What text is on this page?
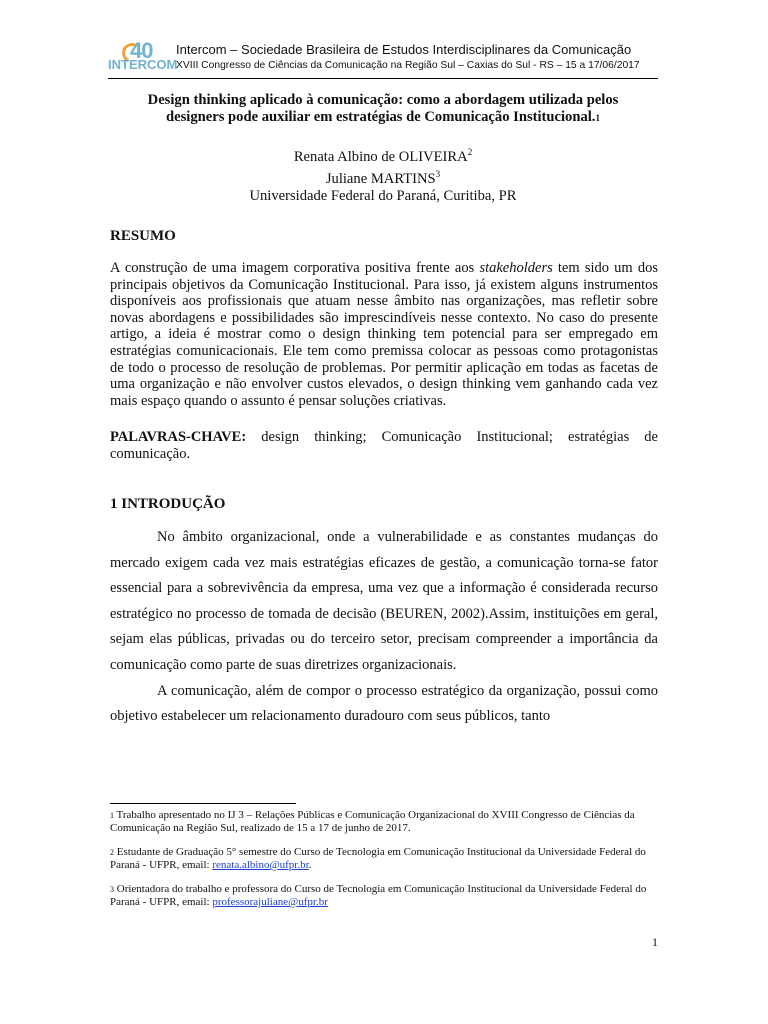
40
INTERCOM
Intercom – Sociedade Brasileira de Estudos Interdisciplinares da Comunicação
XVIII Congresso de Ciências da Comunicação na Região Sul – Caxias do Sul - RS – 15 a 17/06/2017
Design thinking aplicado à comunicação: como a abordagem utilizada pelos
designers pode auxiliar em estratégias de Comunicação Institucional.1
Renata Albino de OLIVEIRA$^2$
Juliane MARTINS$^3$
Universidade Federal do Paraná, Curitiba, PR
RESUMO
A construção de uma imagem corporativa positiva frente aos stakeholders tem sido um dos principais objetivos da Comunicação Institucional. Para isso, já existem alguns instrumentos disponíveis aos profissionais que atuam nesse âmbito nas organizações, mas refletir sobre novas abordagens e possibilidades são imprescindíveis nesse contexto. No caso do presente artigo, a ideia é mostrar como o design thinking tem potencial para ser empregado em estratégias comunicacionais. Ele tem como premissa colocar as pessoas como protagonistas de todo o processo de resolução de problemas. Por permitir aplicação em todas as facetas de uma organização e não envolver custos elevados, o design thinking vem ganhando cada vez mais espaço quando o assunto é pensar soluções criativas.
PALAVRAS-CHAVE: design thinking; Comunicação Institucional; estratégias de comunicação.
1 INTRODUÇÃO

No âmbito organizacional, onde a vulnerabilidade e as constantes mudanças do mercado exigem cada vez mais estratégias eficazes de gestão, a comunicação torna-se fator essencial para a sobrevivência da empresa, uma vez que a informação é considerada recurso estratégico no processo de tomada de decisão (BEUREN, 2002).Assim, instituições em geral, sejam elas públicas, privadas ou do terceiro setor, precisam compreender a importância da comunicação como parte de suas diretrizes organizacionais.

A comunicação, além de compor o processo estratégico da organização, possui como objetivo estabelecer um relacionamento duradouro com seus públicos, tanto

1 Trabalho apresentado no IJ 3 – Relações Públicas e Comunicação Organizacional do XVIII Congresso de Ciências da Comunicação na Região Sul, realizado de 15 a 17 de junho de 2017.
2 Estudante de Graduação 5° semestre do Curso de Tecnologia em Comunicação Institucional da Universidade Federal do Paraná - UFPR, email: renata.albino@ufpr.br.
3 Orientadora do trabalho e professora do Curso de Tecnologia em Comunicação Institucional da Universidade Federal do Paraná - UFPR, email: professorajuliane@ufpr.br
1
